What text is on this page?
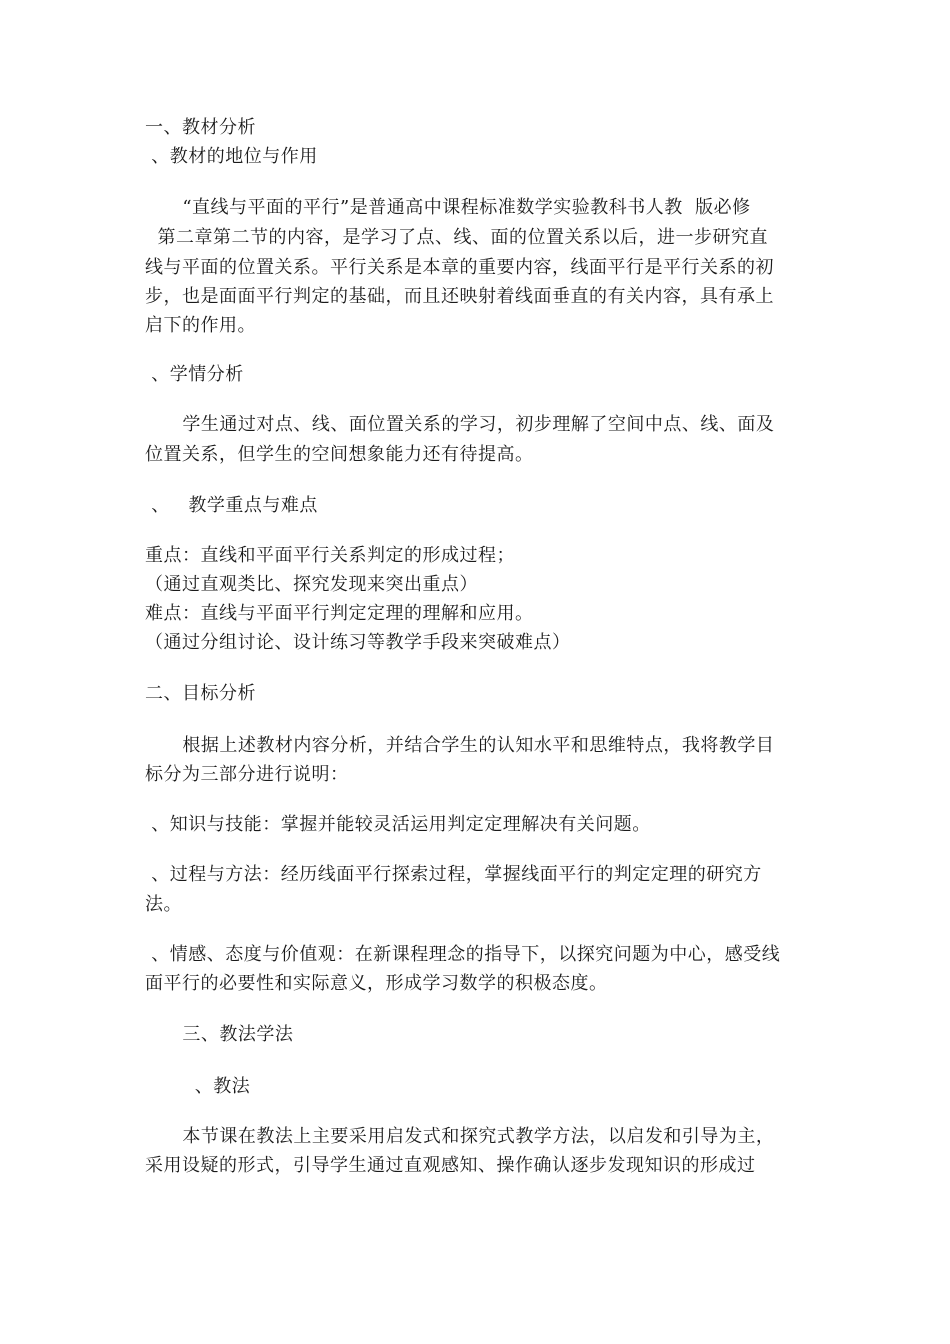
一、教材分析
、教材的地位与作用
“直线与平面的平行”是普通高中课程标准数学实验教科书人教  版必修
第二章第二节的内容，是学习了点、线、面的位置关系以后，进一步研究直
线与平面的位置关系。平行关系是本章的重要内容，线面平行是平行关系的初
步，也是面面平行判定的基础，而且还映射着线面垂直的有关内容，具有承上
启下的作用。
、学情分析
学生通过对点、线、面位置关系的学习，初步理解了空间中点、线、面及
位置关系，但学生的空间想象能力还有待提高。
、   教学重点与难点
重点：直线和平面平行关系判定的形成过程；
（通过直观类比、探究发现来突出重点）
难点：直线与平面平行判定定理的理解和应用。
（通过分组讨论、设计练习等教学手段来突破难点）
二、目标分析
根据上述教材内容分析，并结合学生的认知水平和思维特点，我将教学目
标分为三部分进行说明：
、知识与技能：掌握并能较灵活运用判定定理解决有关问题。
、过程与方法：经历线面平行探索过程，掌握线面平行的判定定理的研究方
法。
、情感、态度与价值观：在新课程理念的指导下，以探究问题为中心，感受线
面平行的必要性和实际意义，形成学习数学的积极态度。
三、教法学法
、教法
本节课在教法上主要采用启发式和探究式教学方法，以启发和引导为主，
采用设疑的形式，引导学生通过直观感知、操作确认逐步发现知识的形成过
